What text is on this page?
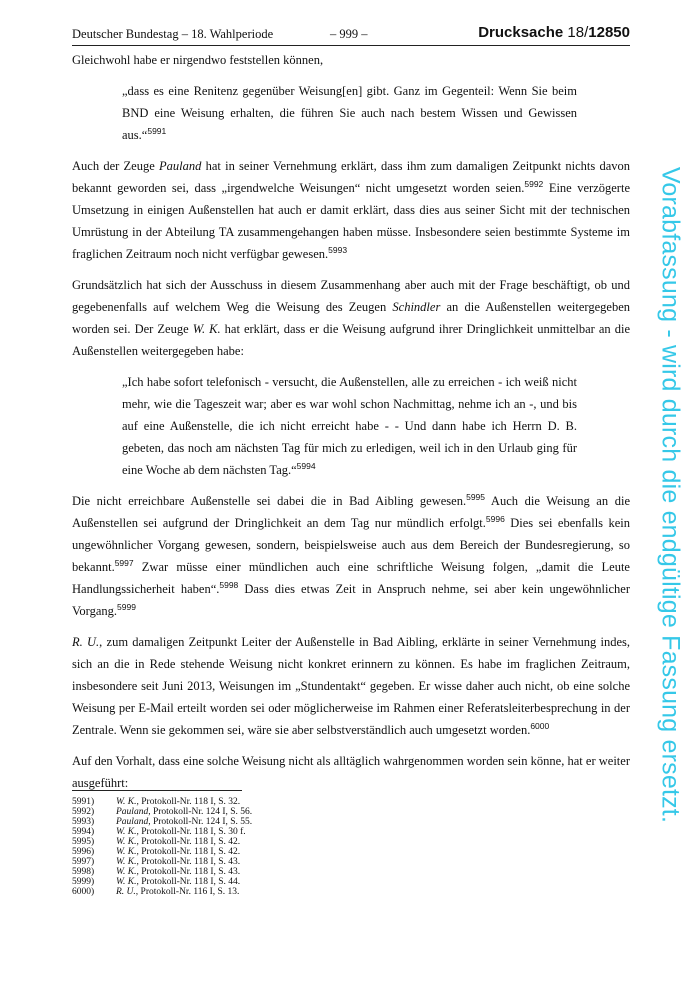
Deutscher Bundestag – 18. Wahlperiode	– 999 –	Drucksache 18/12850

Gleichwohl habe er nirgendwo feststellen können,

„dass es eine Renitenz gegenüber Weisung[en] gibt. Ganz im Gegenteil: Wenn Sie beim BND eine Weisung erhalten, die führen Sie auch nach bestem Wissen und Gewissen aus.“$^{5991}$

Auch der Zeuge Pauland hat in seiner Vernehmung erklärt, dass ihm zum damaligen Zeitpunkt nichts davon bekannt geworden sei, dass „irgendwelche Weisungen“ nicht umgesetzt worden seien.$^{5992}$ Eine verzögerte Umsetzung in einigen Außenstellen hat auch er damit erklärt, dass dies aus seiner Sicht mit der technischen Umrüstung in der Abteilung TA zusammengehangen haben müsse. Insbesondere seien bestimmte Systeme im fraglichen Zeitraum noch nicht verfügbar gewesen.$^{5993}$

Grundsätzlich hat sich der Ausschuss in diesem Zusammenhang aber auch mit der Frage beschäftigt, ob und gegebenenfalls auf welchem Weg die Weisung des Zeugen Schindler an die Außenstellen weitergegeben worden sei. Der Zeuge W. K. hat erklärt, dass er die Weisung aufgrund ihrer Dringlichkeit unmittelbar an die Außenstellen weitergegeben habe:

„Ich habe sofort telefonisch - versucht, die Außenstellen, alle zu erreichen - ich weiß nicht mehr, wie die Tageszeit war; aber es war wohl schon Nachmittag, nehme ich an -, und bis auf eine Außenstelle, die ich nicht erreicht habe - - Und dann habe ich Herrn D. B. gebeten, das noch am nächsten Tag für mich zu erledigen, weil ich in den Urlaub ging für eine Woche ab dem nächsten Tag.“$^{5994}$

Die nicht erreichbare Außenstelle sei dabei die in Bad Aibling gewesen.$^{5995}$ Auch die Weisung an die Außenstellen sei aufgrund der Dringlichkeit an dem Tag nur mündlich erfolgt.$^{5996}$ Dies sei ebenfalls kein ungewöhnlicher Vorgang gewesen, sondern, beispielsweise auch aus dem Bereich der Bundesregierung, so bekannt.$^{5997}$ Zwar müsse einer mündlichen auch eine schriftliche Weisung folgen, „damit die Leute Handlungssicherheit haben“.$^{5998}$ Dass dies etwas Zeit in Anspruch nehme, sei aber kein ungewöhnlicher Vorgang.$^{5999}$

R. U., zum damaligen Zeitpunkt Leiter der Außenstelle in Bad Aibling, erklärte in seiner Vernehmung indes, sich an die in Rede stehende Weisung nicht konkret erinnern zu können. Es habe im fraglichen Zeitraum, insbesondere seit Juni 2013, Weisungen im „Stundentakt“ gegeben. Er wisse daher auch nicht, ob eine solche Weisung per E-Mail erteilt worden sei oder möglicherweise im Rahmen einer Referatsleiterbesprechung in der Zentrale. Wenn sie gekommen sei, wäre sie aber selbstverständlich auch umgesetzt worden.$^{6000}$

Auf den Vorhalt, dass eine solche Weisung nicht als alltäglich wahrgenommen worden sein könne, hat er weiter ausgeführt:

5991)	W. K., Protokoll-Nr. 118 I, S. 32.
5992)	Pauland, Protokoll-Nr. 124 I, S. 56.
5993)	Pauland, Protokoll-Nr. 124 I, S. 55.
5994)	W. K., Protokoll-Nr. 118 I, S. 30 f.
5995)	W. K., Protokoll-Nr. 118 I, S. 42.
5996)	W. K., Protokoll-Nr. 118 I, S. 42.
5997)	W. K., Protokoll-Nr. 118 I, S. 43.
5998)	W. K., Protokoll-Nr. 118 I, S. 43.
5999)	W. K., Protokoll-Nr. 118 I, S. 44.
6000)	R. U., Protokoll-Nr. 116 I, S. 13.
Vorabfassung - wird durch die endgültige Fassung ersetzt.
